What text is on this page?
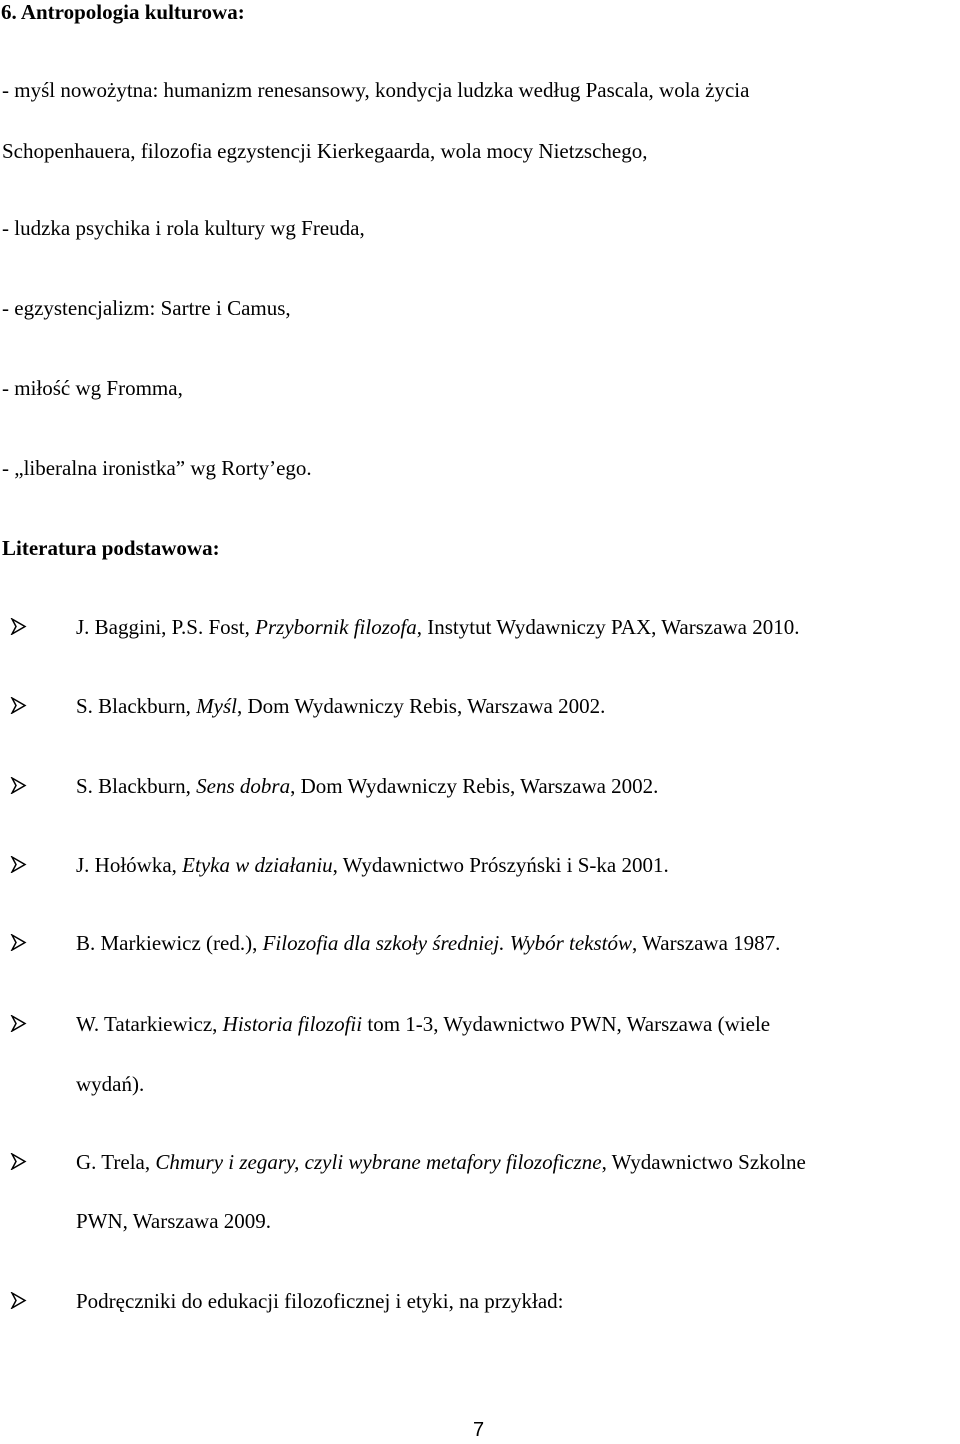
6. Antropologia kulturowa:

- myśl nowożytna: humanizm renesansowy, kondycja ludzka według Pascala, wola życia

Schopenhauera, filozofia egzystencji Kierkegaarda, wola mocy Nietzschego,

- ludzka psychika i rola kultury wg Freuda,

- egzystencjalizm: Sartre i Camus,

- miłość wg Fromma,

- „liberalna ironistka” wg Rorty’ego.

Literatura podstawowa:

J. Baggini, P.S. Fost, Przybornik filozofa, Instytut Wydawniczy PAX, Warszawa 2010.
S. Blackburn, Myśl, Dom Wydawniczy Rebis, Warszawa 2002.
S. Blackburn, Sens dobra, Dom Wydawniczy Rebis, Warszawa 2002.
J. Hołówka, Etyka w działaniu, Wydawnictwo Prószyński i S-ka 2001.
B. Markiewicz (red.), Filozofia dla szkoły średniej. Wybór tekstów, Warszawa 1987.
W. Tatarkiewicz, Historia filozofii tom 1-3, Wydawnictwo PWN, Warszawa (wiele

wydań).

G. Trela, Chmury i zegary, czyli wybrane metafory filozoficzne, Wydawnictwo Szkolne

PWN, Warszawa 2009.

Podręczniki do edukacji filozoficznej i etyki, na przykład:
7
